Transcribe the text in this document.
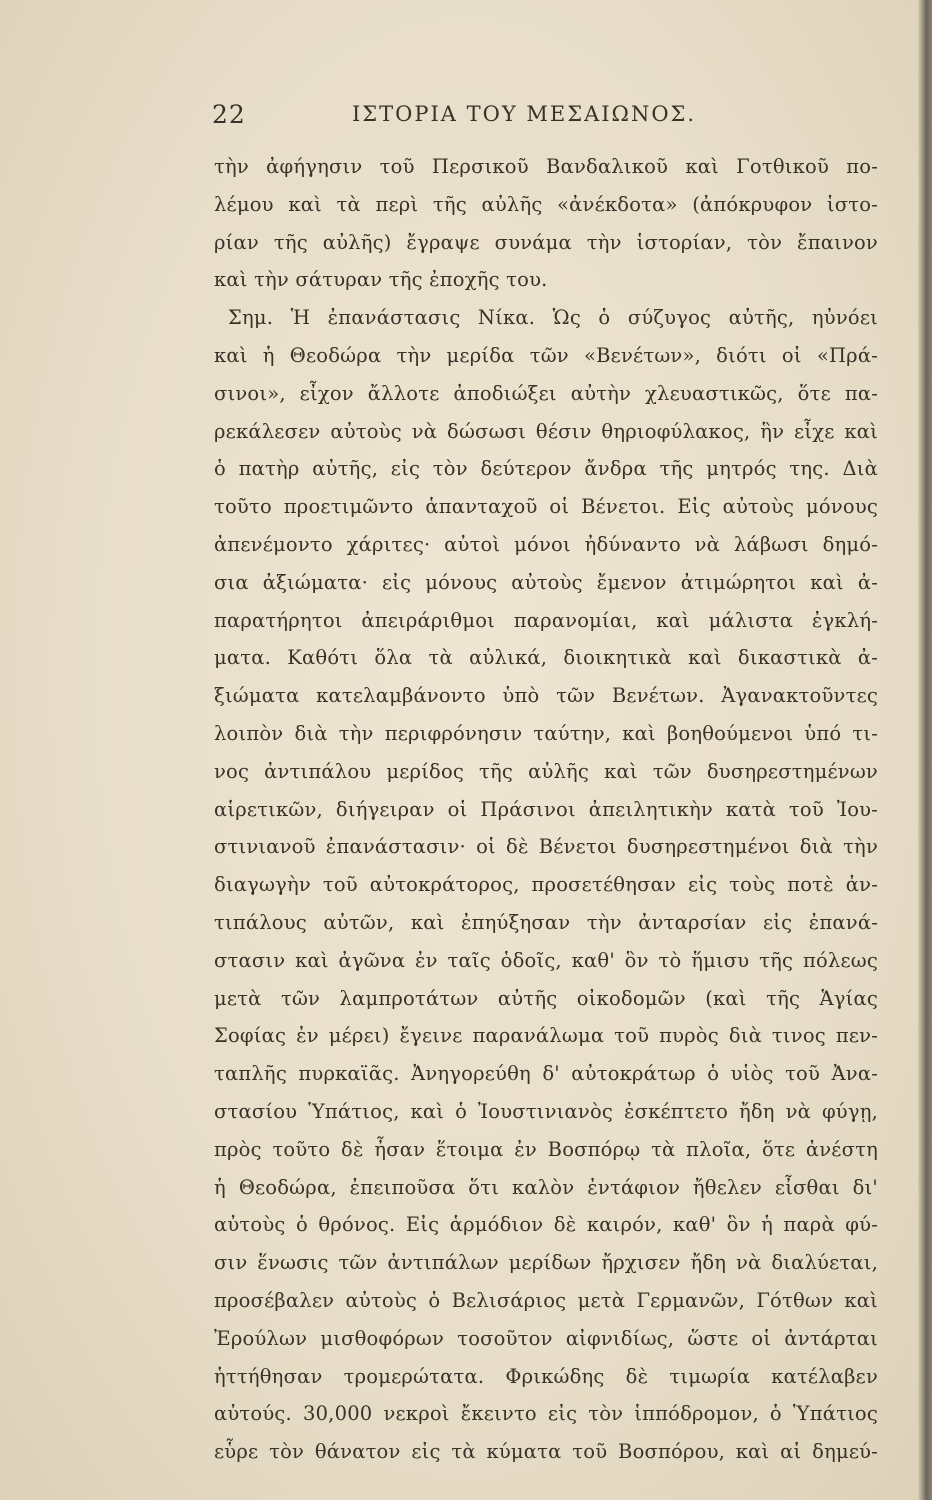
22	ΙΣΤΟΡΙΑ ΤΟΥ ΜΕΣΑΙΩΝΟΣ.
τὴν ἀφήγησιν τοῦ Περσικοῦ Βανδαλικοῦ καὶ Γοτθικοῦ πο-
λέμου καὶ τὰ περὶ τῆς αὐλῆς «ἀνέκδοτα» (ἀπόκρυφον ἱστο-
ρίαν τῆς αὐλῆς) ἔγραψε συνάμα τὴν ἱστορίαν, τὸν ἔπαινον
καὶ τὴν σάτυραν τῆς ἐποχῆς του.
Σημ. Ἡ ἐπανάστασις Νίκα. Ὡς ὁ σύζυγος αὐτῆς, ηὐνόει
καὶ ἡ Θεοδώρα τὴν μερίδα τῶν «Βενέτων», διότι οἱ «Πρά-
σινοι», εἶχον ἄλλοτε ἀποδιώξει αὐτὴν χλευαστικῶς, ὅτε πα-
ρεκάλεσεν αὐτοὺς νὰ δώσωσι θέσιν θηριοφύλακος, ἣν εἶχε καὶ
ὁ πατὴρ αὐτῆς, εἰς τὸν δεύτερον ἄνδρα τῆς μητρός της. Διὰ
τοῦτο προετιμῶντο ἁπανταχοῦ οἱ Βένετοι. Εἰς αὐτοὺς μόνους
ἀπενέμοντο χάριτες· αὐτοὶ μόνοι ἠδύναντο νὰ λάβωσι δημό-
σια ἀξιώματα· εἰς μόνους αὐτοὺς ἔμενον ἀτιμώρητοι καὶ ἀ-
παρατήρητοι ἀπειράριθμοι παρανομίαι, καὶ μάλιστα ἐγκλή-
ματα. Καθότι ὅλα τὰ αὐλικά, διοικητικὰ καὶ δικαστικὰ ἀ-
ξιώματα κατελαμβάνοντο ὑπὸ τῶν Βενέτων. Ἀγανακτοῦντες
λοιπὸν διὰ τὴν περιφρόνησιν ταύτην, καὶ βοηθούμενοι ὑπό τι-
νος ἀντιπάλου μερίδος τῆς αὐλῆς καὶ τῶν δυσηρεστημένων
αἱρετικῶν, διήγειραν οἱ Πράσινοι ἀπειλητικὴν κατὰ τοῦ Ἰου-
στινιανοῦ ἐπανάστασιν· οἱ δὲ Βένετοι δυσηρεστημένοι διὰ τὴν
διαγωγὴν τοῦ αὐτοκράτορος, προσετέθησαν εἰς τοὺς ποτὲ ἀν-
τιπάλους αὐτῶν, καὶ ἐπηύξησαν τὴν ἀνταρσίαν εἰς ἐπανά-
στασιν καὶ ἀγῶνα ἐν ταῖς ὁδοῖς, καθ' ὃν τὸ ἥμισυ τῆς πόλεως
μετὰ τῶν λαμπροτάτων αὐτῆς οἰκοδομῶν (καὶ τῆς Ἁγίας
Σοφίας ἐν μέρει) ἔγεινε παρανάλωμα τοῦ πυρὸς διὰ τινος πεν-
ταπλῆς πυρκαϊᾶς. Ἀνηγορεύθη δ' αὐτοκράτωρ ὁ υἱὸς τοῦ Ἀνα-
στασίου Ὑπάτιος, καὶ ὁ Ἰουστινιανὸς ἐσκέπτετο ἤδη νὰ φύγῃ,
πρὸς τοῦτο δὲ ἦσαν ἕτοιμα ἐν Βοσπόρῳ τὰ πλοῖα, ὅτε ἀνέστη
ἡ Θεοδώρα, ἐπειποῦσα ὅτι καλὸν ἐντάφιον ἤθελεν εἶσθαι δι'
αὐτοὺς ὁ θρόνος. Εἰς ἁρμόδιον δὲ καιρόν, καθ' ὃν ἡ παρὰ φύ-
σιν ἕνωσις τῶν ἀντιπάλων μερίδων ἤρχισεν ἤδη νὰ διαλύεται,
προσέβαλεν αὐτοὺς ὁ Βελισάριος μετὰ Γερμανῶν, Γότθων καὶ
Ἐρούλων μισθοφόρων τοσοῦτον αἰφνιδίως, ὥστε οἱ ἀντάρται
ἡττήθησαν τρομερώτατα. Φρικώδης δὲ τιμωρία κατέλαβεν
αὐτούς. 30,000 νεκροὶ ἔκειντο εἰς τὸν ἱππόδρομον, ὁ Ὑπάτιος
εὗρε τὸν θάνατον εἰς τὰ κύματα τοῦ Βοσπόρου, καὶ αἱ δημεύ-
